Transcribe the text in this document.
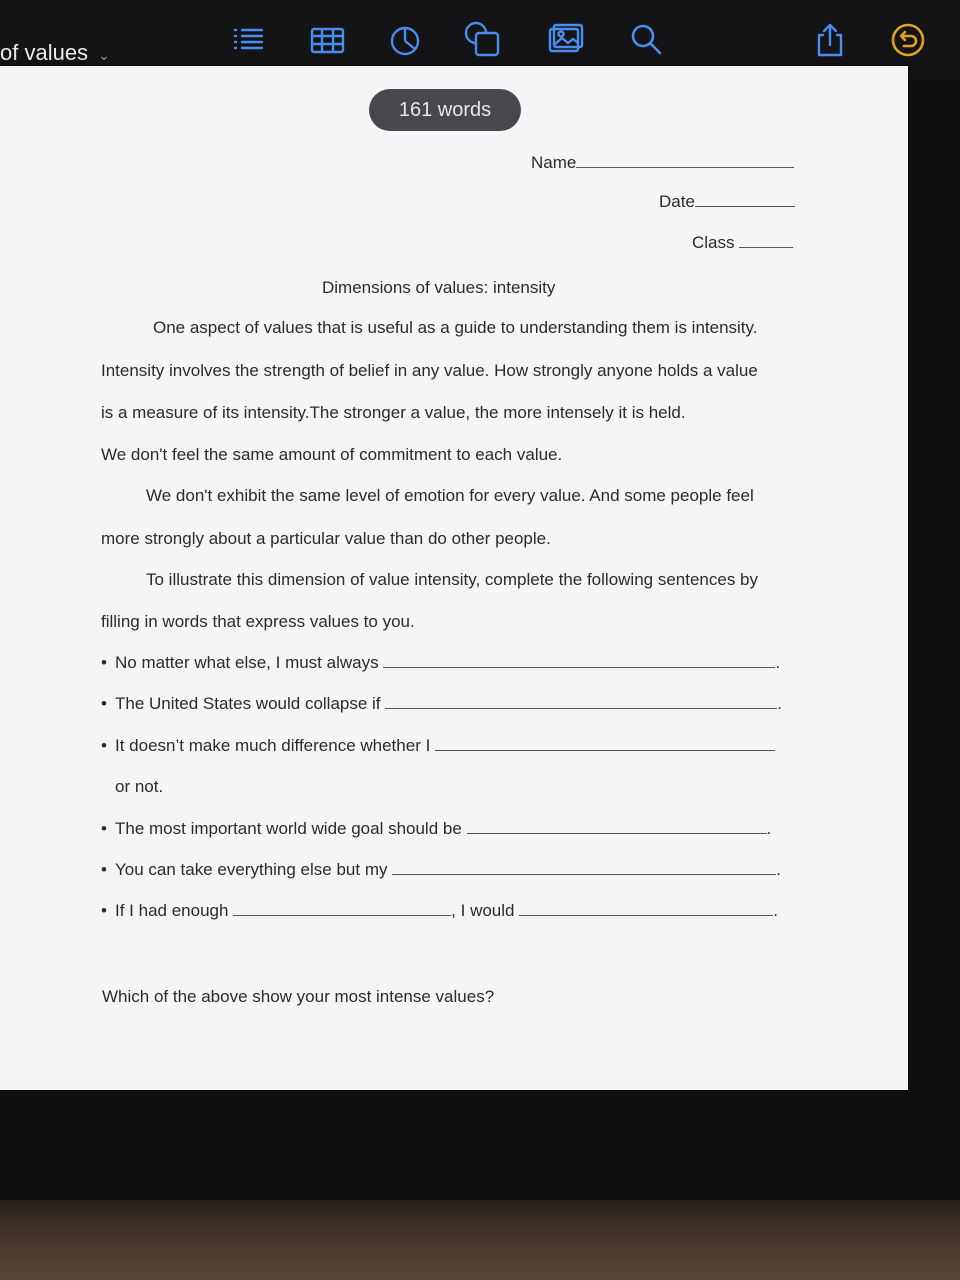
of values ⌄
161 words
Name
Date
Class
Dimensions of values: intensity
One aspect of values that is useful as a guide to understanding them is intensity.
Intensity involves the strength of belief in any value. How strongly anyone holds a value
is a measure of its intensity.The stronger a value, the more intensely it is held.
We don't feel the same amount of commitment to each value.
We don't exhibit the same level of emotion for every value. And some people feel
more strongly about a particular value than do other people.
To illustrate this dimension of value intensity, complete the following sentences by
filling in words that express values to you.
• No matter what else, I must always	.
• The United States would collapse if	.
• It doesn’t make much difference whether I
or not.
• The most important world wide goal should be	.
• You can take everything else but my	.
• If I had enough	, I would	.
Which of the above show your most intense values?
